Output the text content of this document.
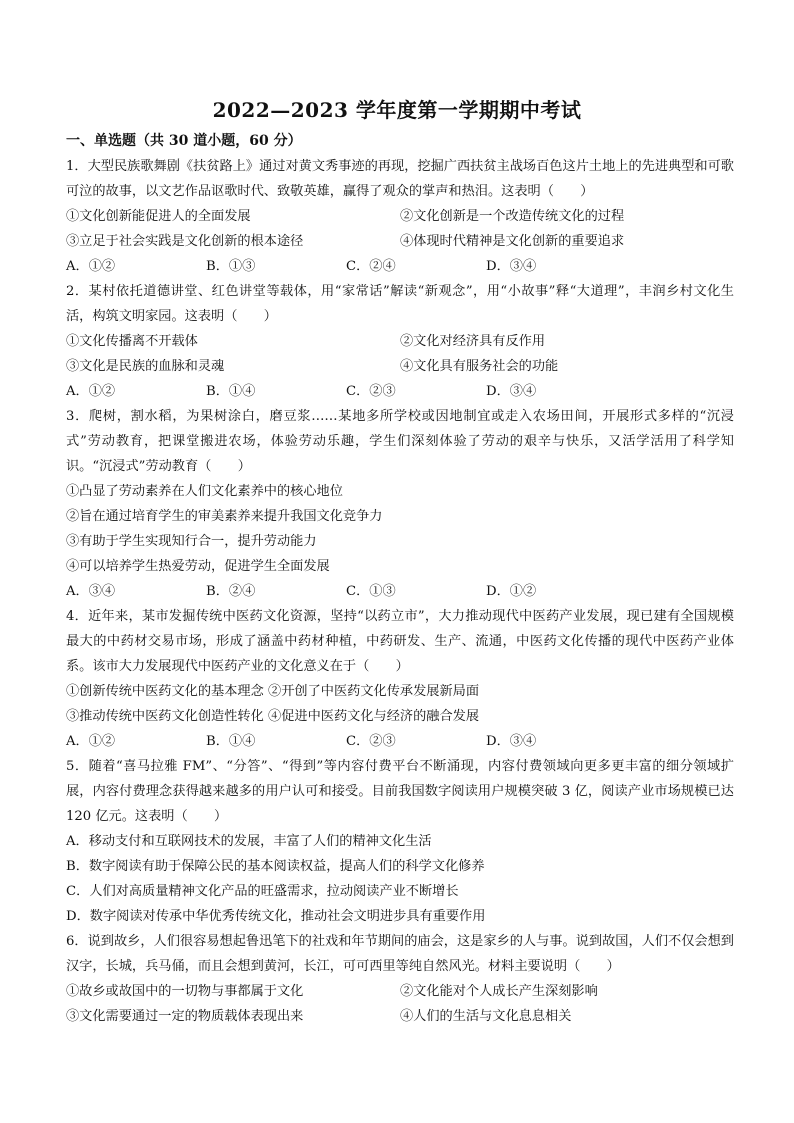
2022—2023 学年度第一学期期中考试
一、单选题（共 30 道小题，60 分）

1．大型民族歌舞剧《扶贫路上》通过对黄文秀事迹的再现，挖掘广西扶贫主战场百色这片土地上的先进典型和可歌可泣的故事，以文艺作品讴歌时代、致敬英雄，赢得了观众的掌声和热泪。这表明（　　）

①文化创新能促进人的全面发展	②文化创新是一个改造传统文化的过程
③立足于社会实践是文化创新的根本途径	④体现时代精神是文化创新的重要追求
A．①②	B．①③	C．②④	D．③④

2．某村依托道德讲堂、红色讲堂等载体，用“家常话”解读“新观念”，用“小故事”释“大道理”，丰润乡村文化生活，构筑文明家园。这表明（　　）

①文化传播离不开载体	②文化对经济具有反作用
③文化是民族的血脉和灵魂	④文化具有服务社会的功能
A．①②	B．①④	C．②③	D．③④

3．爬树，割水稻，为果树涂白，磨豆浆……某地多所学校或因地制宜或走入农场田间，开展形式多样的“沉浸式”劳动教育，把课堂搬进农场，体验劳动乐趣，学生们深刻体验了劳动的艰辛与快乐，又活学活用了科学知识。“沉浸式”劳动教育（　　）

①凸显了劳动素养在人们文化素养中的核心地位

②旨在通过培育学生的审美素养来提升我国文化竞争力

③有助于学生实现知行合一，提升劳动能力

④可以培养学生热爱劳动，促进学生全面发展

A．③④	B．②④	C．①③	D．①②

4．近年来，某市发掘传统中医药文化资源，坚持“以药立市”，大力推动现代中医药产业发展，现已建有全国规模最大的中药材交易市场，形成了涵盖中药材种植，中药研发、生产、流通，中医药文化传播的现代中医药产业体系。该市大力发展现代中医药产业的文化意义在于（　　）

①创新传统中医药文化的基本理念 ②开创了中医药文化传承发展新局面

③推动传统中医药文化创造性转化 ④促进中医药文化与经济的融合发展

A．①②	B．①④	C．②③	D．③④

5．随着“喜马拉雅 FM”、“分答”、“得到”等内容付费平台不断涌现，内容付费领域向更多更丰富的细分领域扩展，内容付费理念获得越来越多的用户认可和接受。目前我国数字阅读用户规模突破 3 亿，阅读产业市场规模已达 120 亿元。这表明（　　）

A．移动支付和互联网技术的发展，丰富了人们的精神文化生活

B．数字阅读有助于保障公民的基本阅读权益，提高人们的科学文化修养

C．人们对高质量精神文化产品的旺盛需求，拉动阅读产业不断增长

D．数字阅读对传承中华优秀传统文化，推动社会文明进步具有重要作用

6．说到故乡，人们很容易想起鲁迅笔下的社戏和年节期间的庙会，这是家乡的人与事。说到故国，人们不仅会想到汉字，长城，兵马俑，而且会想到黄河，长江，可可西里等纯自然风光。材料主要说明（　　）

①故乡或故国中的一切物与事都属于文化	②文化能对个人成长产生深刻影响
③文化需要通过一定的物质载体表现出来	④人们的生活与文化息息相关
